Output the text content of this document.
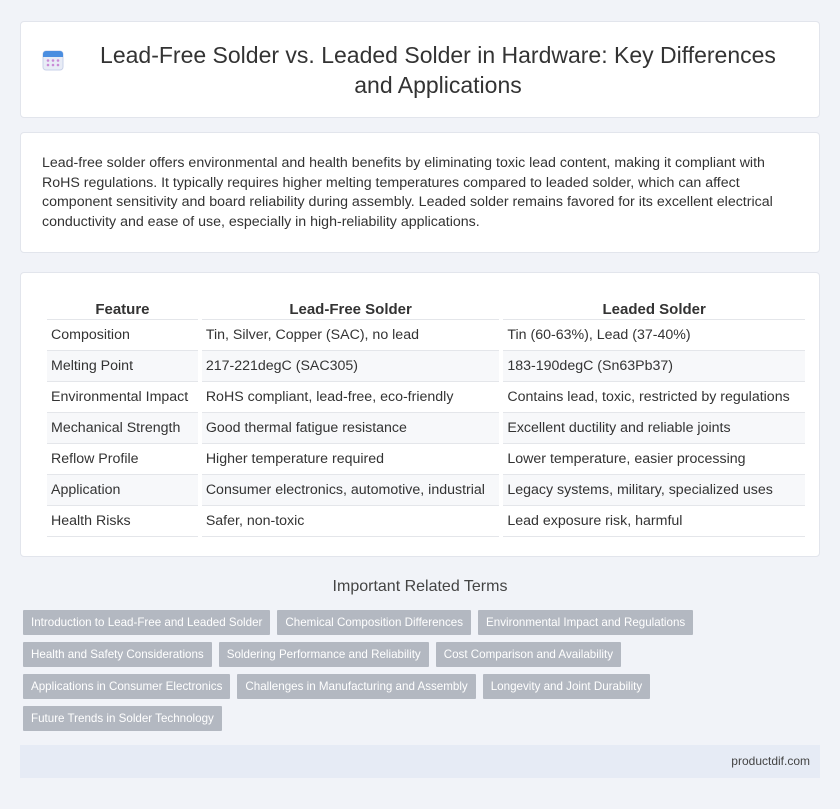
Lead-Free Solder vs. Leaded Solder in Hardware: Key Differences and Applications

Lead-free solder offers environmental and health benefits by eliminating toxic lead content, making it compliant with RoHS regulations. It typically requires higher melting temperatures compared to leaded solder, which can affect component sensitivity and board reliability during assembly. Leaded solder remains favored for its excellent electrical conductivity and ease of use, especially in high-reliability applications.

Feature	Lead-Free Solder	Leaded Solder
Composition	Tin, Silver, Copper (SAC), no lead	Tin (60-63%), Lead (37-40%)
Melting Point	217-221degC (SAC305)	183-190degC (Sn63Pb37)
Environmental Impact	RoHS compliant, lead-free, eco-friendly	Contains lead, toxic, restricted by regulations
Mechanical Strength	Good thermal fatigue resistance	Excellent ductility and reliable joints
Reflow Profile	Higher temperature required	Lower temperature, easier processing
Application	Consumer electronics, automotive, industrial	Legacy systems, military, specialized uses
Health Risks	Safer, non-toxic	Lead exposure risk, harmful
Important Related Terms
Introduction to Lead-Free and Leaded Solder	Chemical Composition Differences	Environmental Impact and Regulations
Health and Safety Considerations	Soldering Performance and Reliability	Cost Comparison and Availability
Applications in Consumer Electronics	Challenges in Manufacturing and Assembly	Longevity and Joint Durability
Future Trends in Solder Technology
productdif.com
